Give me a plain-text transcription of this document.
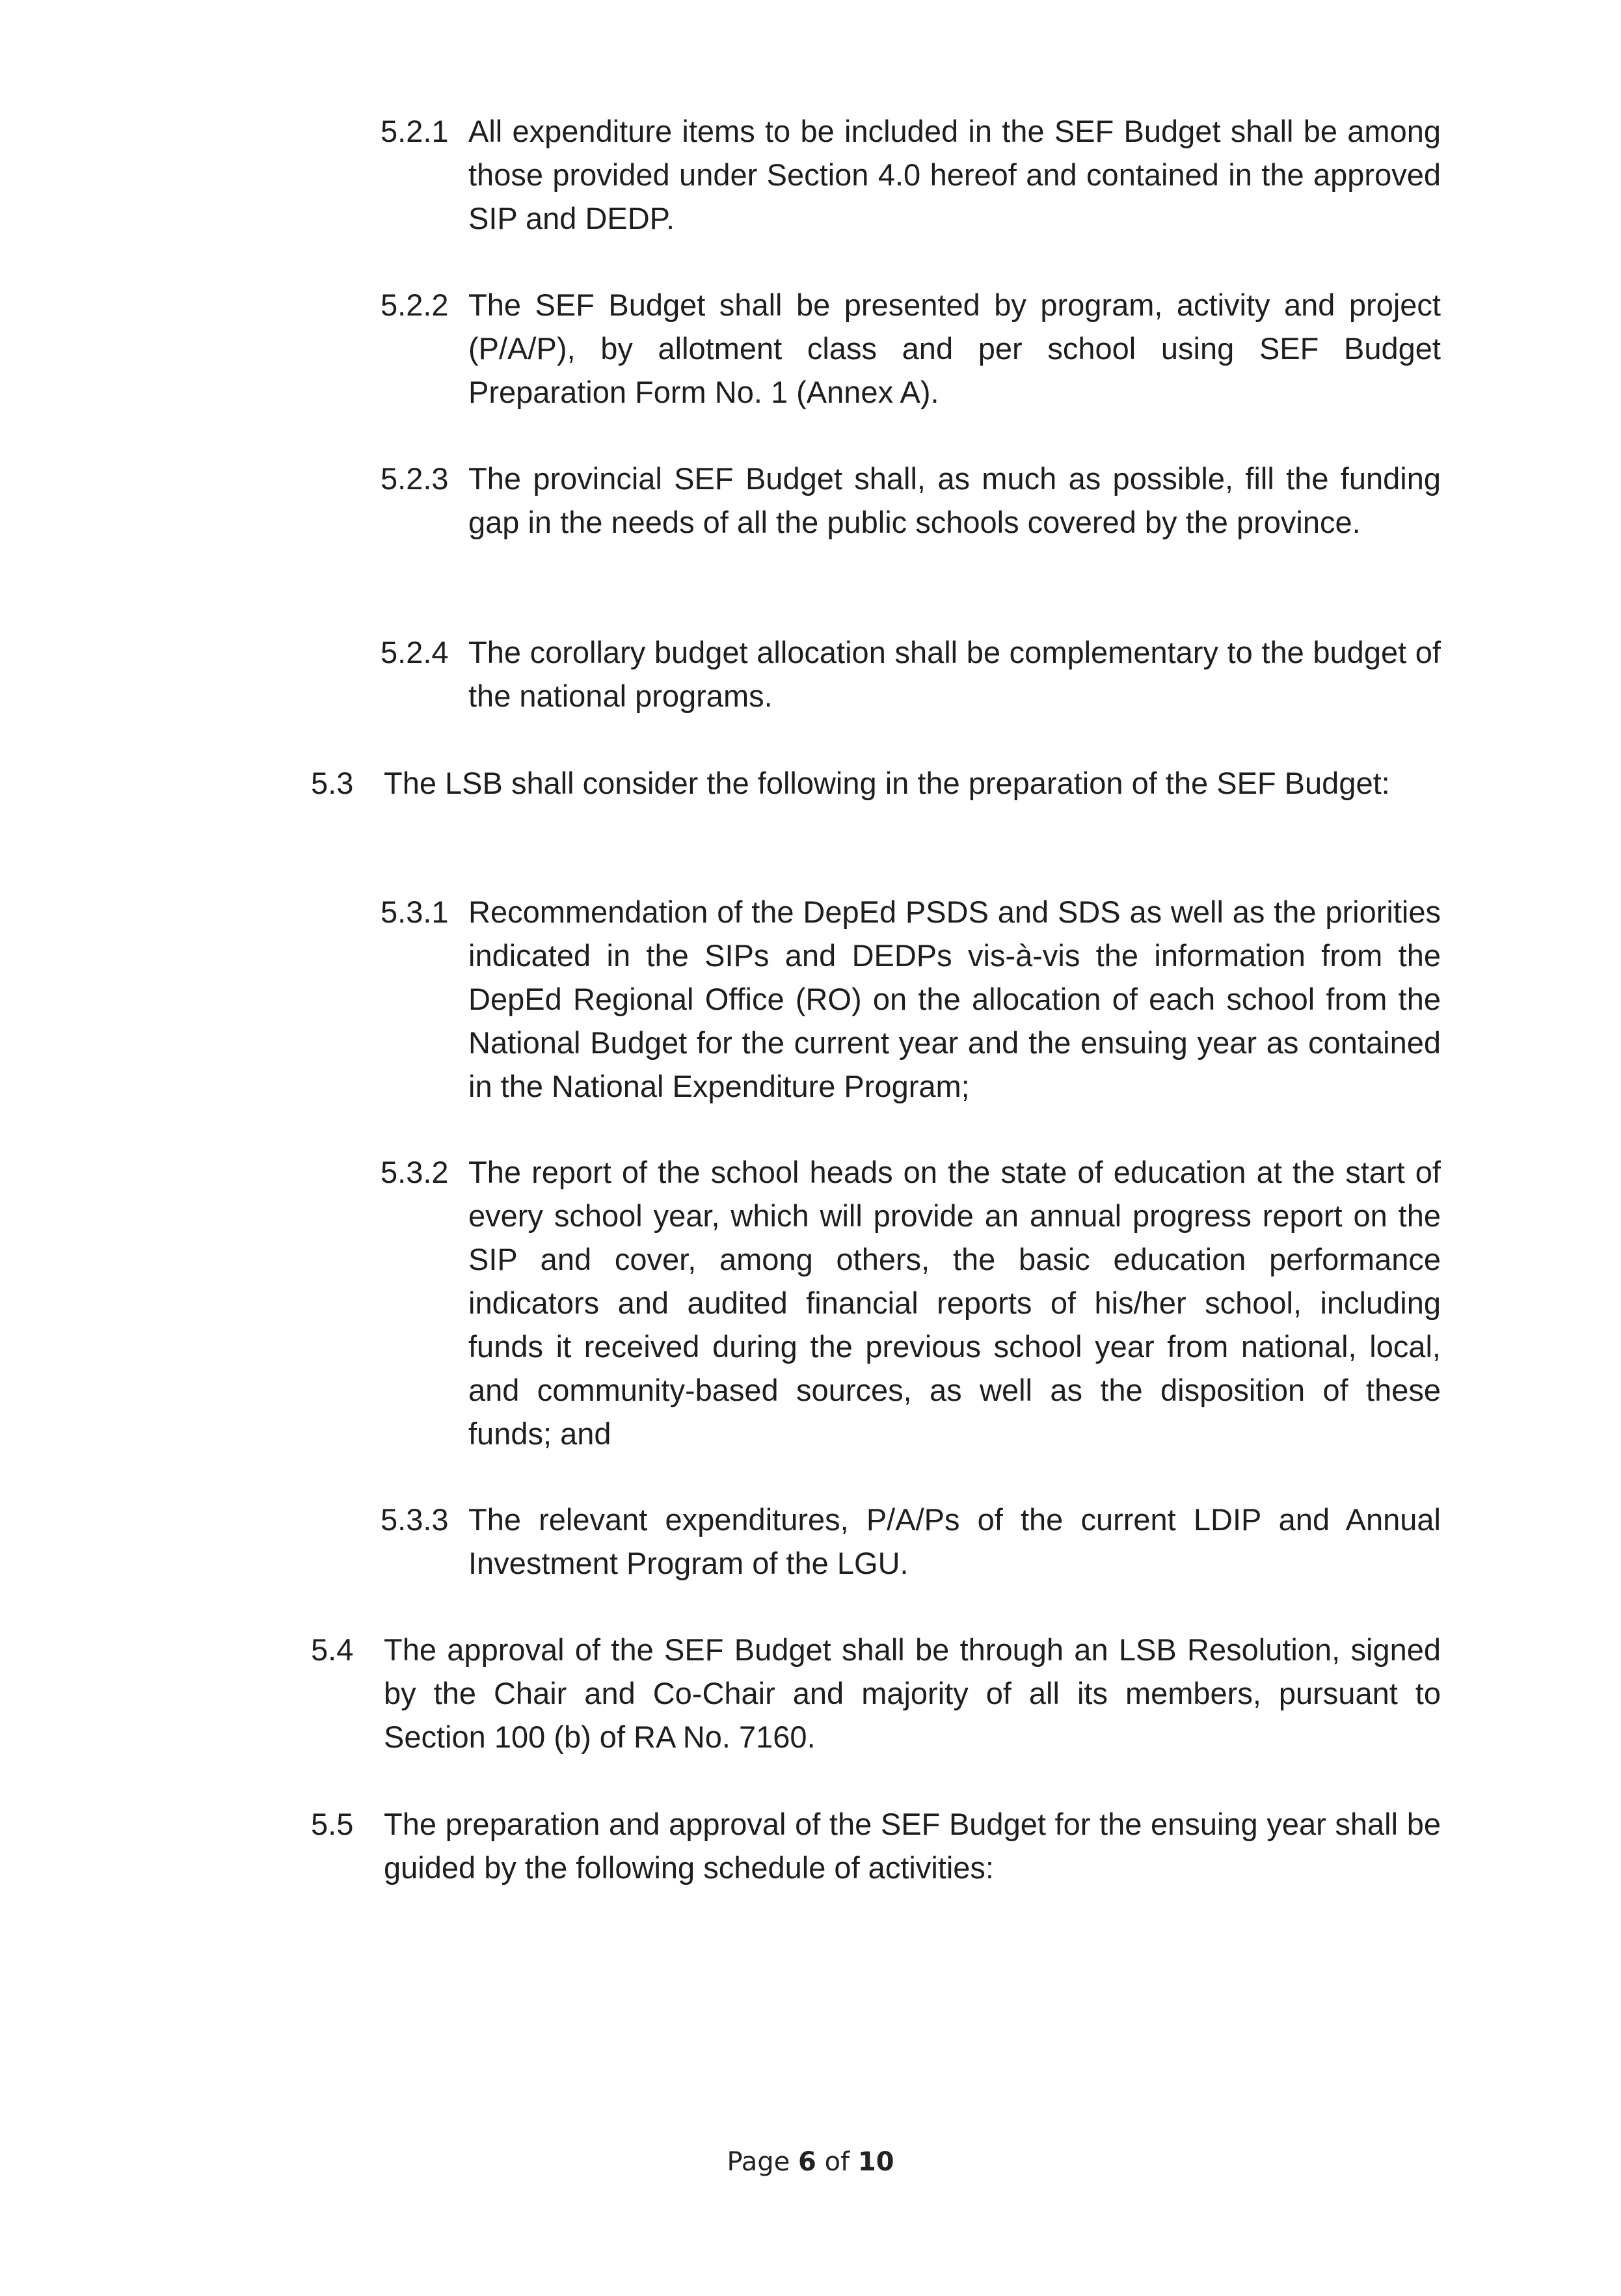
5.2.1 All expenditure items to be included in the SEF Budget shall be among those provided under Section 4.0 hereof and contained in the approved SIP and DEDP.
5.2.2 The SEF Budget shall be presented by program, activity and project (P/A/P), by allotment class and per school using SEF Budget Preparation Form No. 1 (Annex A).
5.2.3 The provincial SEF Budget shall, as much as possible, fill the funding gap in the needs of all the public schools covered by the province.
5.2.4 The corollary budget allocation shall be complementary to the budget of the national programs.
5.3 The LSB shall consider the following in the preparation of the SEF Budget:
5.3.1 Recommendation of the DepEd PSDS and SDS as well as the priorities indicated in the SIPs and DEDPs vis-à-vis the information from the DepEd Regional Office (RO) on the allocation of each school from the National Budget for the current year and the ensuing year as contained in the National Expenditure Program;
5.3.2 The report of the school heads on the state of education at the start of every school year, which will provide an annual progress report on the SIP and cover, among others, the basic education performance indicators and audited financial reports of his/her school, including funds it received during the previous school year from national, local, and community-based sources, as well as the disposition of these funds; and
5.3.3 The relevant expenditures, P/A/Ps of the current LDIP and Annual Investment Program of the LGU.
5.4 The approval of the SEF Budget shall be through an LSB Resolution, signed by the Chair and Co-Chair and majority of all its members, pursuant to Section 100 (b) of RA No. 7160.
5.5 The preparation and approval of the SEF Budget for the ensuing year shall be guided by the following schedule of activities:
Page 6 of 10
